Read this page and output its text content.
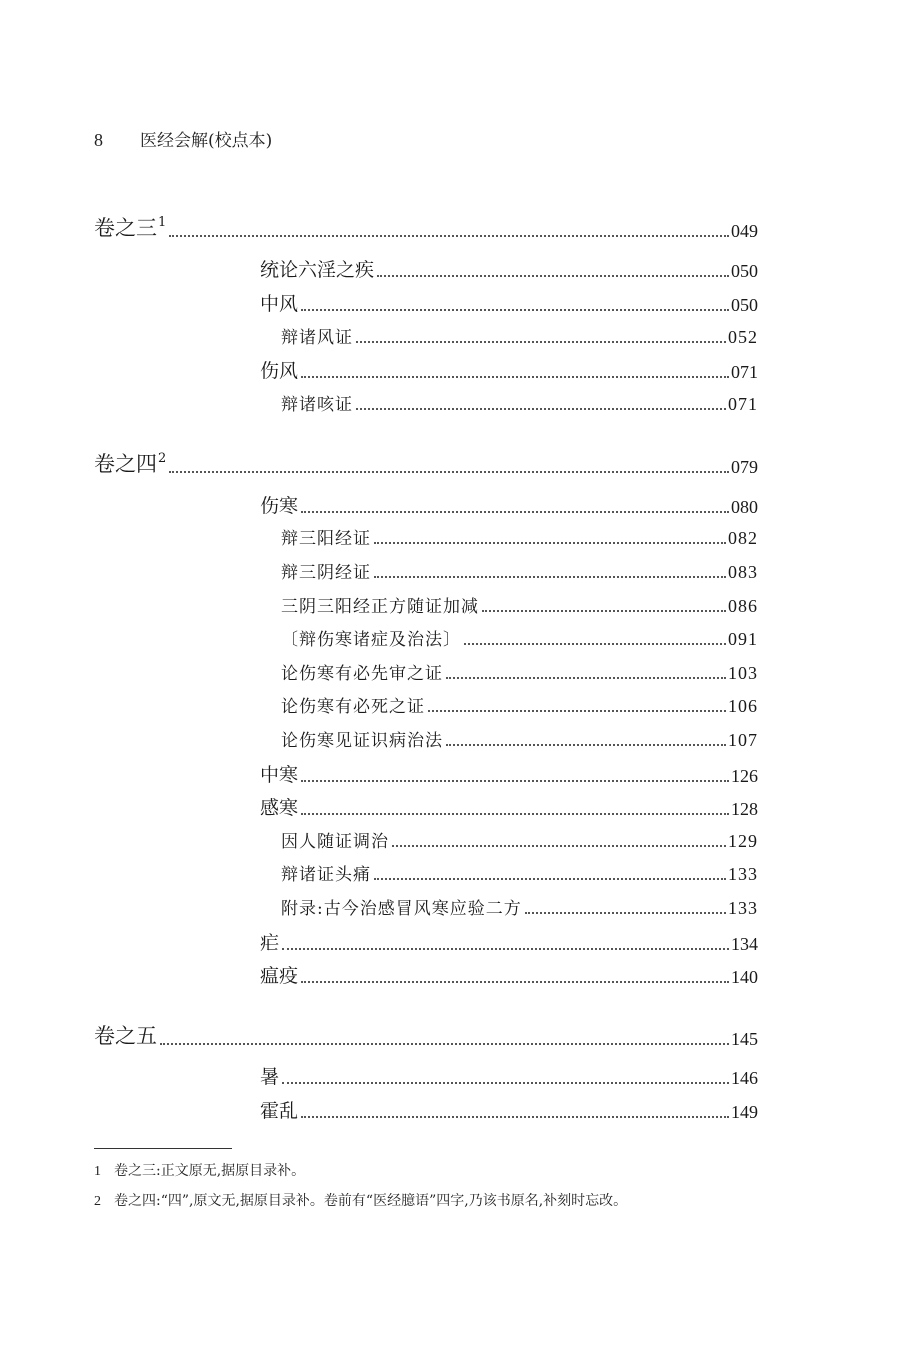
8 医经会解(校点本)
卷之三$^1$	049
统论六淫之疾	050
中风	050
辩诸风证	052
伤风	071
辩诸咳证	071
卷之四$^2$	079
伤寒	080
辩三阳经证	082
辩三阴经证	083
三阴三阳经正方随证加减	086
〔辩伤寒诸症及治法〕	091
论伤寒有必先审之证	103
论伤寒有必死之证	106
论伤寒见证识病治法	107
中寒	126
感寒	128
因人随证调治	129
辩诸证头痛	133
附录:古今治感冒风寒应验二方	133
疟	134
瘟疫	140
卷之五	145
暑	146
霍乱	149
1 卷之三:正文原无,据原目录补。
2 卷之四:“四”,原文无,据原目录补。卷前有“医经臆语”四字,乃该书原名,补刻时忘改。
